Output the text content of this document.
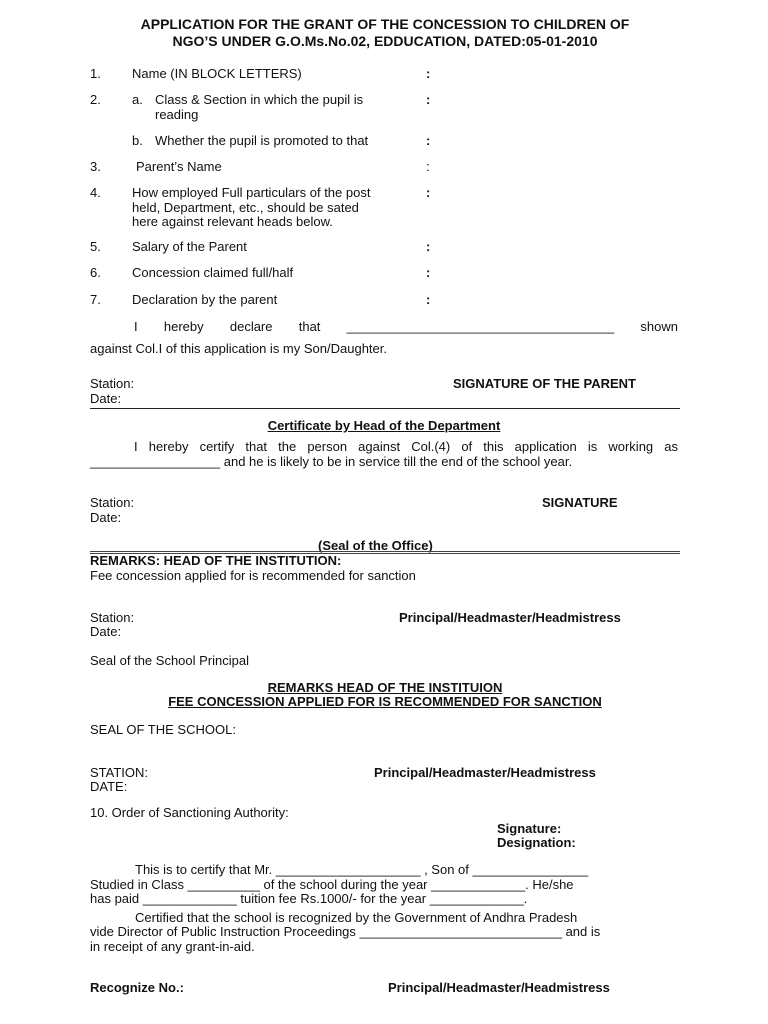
APPLICATION FOR THE GRANT OF THE CONCESSION TO CHILDREN OF
NGO’S UNDER G.O.Ms.No.02, EDDUCATION, DATED:05-01-2010
1. Name (IN BLOCK LETTERS)	:
2. a. Class & Section in which the pupil is
reading
:
b. Whether the pupil is promoted to that	:
3.	Parent’s Name	:
4. How employed Full particulars of the post
held, Department, etc., should be sated
here against relevant heads below.
:
5. Salary of the Parent	:
6. Concession claimed full/half	:
7. Declaration by the parent	:
I hereby declare that _____________________________________ shown
against Col.I of this application is my Son/Daughter.
Station:
Date:
SIGNATURE OF THE PARENT
Certificate by Head of the Department
I hereby certify that the person against Col.(4) of this application is working as
__________________ and he is likely to be in service till the end of the school year.
Station:
Date:
SIGNATURE
(Seal of the Office)
REMARKS: HEAD OF THE INSTITUTION:
Fee concession applied for is recommended for sanction
Station:
Date:
Principal/Headmaster/Headmistress
Seal of the School Principal
REMARKS HEAD OF THE INSTITUION
FEE CONCESSION APPLIED FOR IS RECOMMENDED FOR SANCTION
SEAL OF THE SCHOOL:
STATION:
DATE:
Principal/Headmaster/Headmistress
10. Order of Sanctioning Authority:
Signature:
Designation:
This is to certify that Mr. ____________________ , Son of ________________
Studied in Class __________ of the school during the year _____________. He/she
has paid _____________ tuition fee Rs.1000/- for the year _____________.
Certified that the school is recognized by the Government of Andhra Pradesh
vide Director of Public Instruction Proceedings ____________________________ and is
in receipt of any grant-in-aid.
Recognize No.:	Principal/Headmaster/Headmistress
